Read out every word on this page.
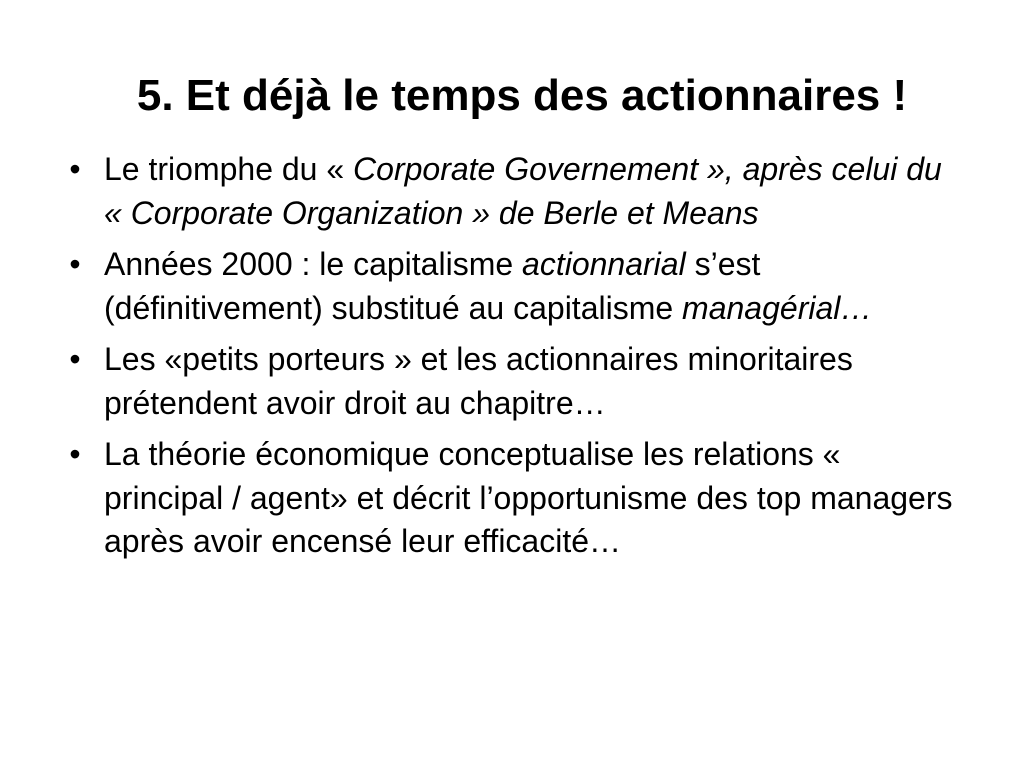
5. Et déjà le temps des actionnaires !
• Le triomphe du « Corporate Governement », après celui du « Corporate Organization » de Berle et Means
• Années 2000 : le capitalisme actionnarial s’est (définitivement) substitué au capitalisme managérial…
• Les «petits porteurs » et les actionnaires minoritaires prétendent avoir droit au chapitre…
• La théorie économique conceptualise les relations « principal / agent» et décrit l’opportunisme des top managers après avoir encensé leur efficacité…
